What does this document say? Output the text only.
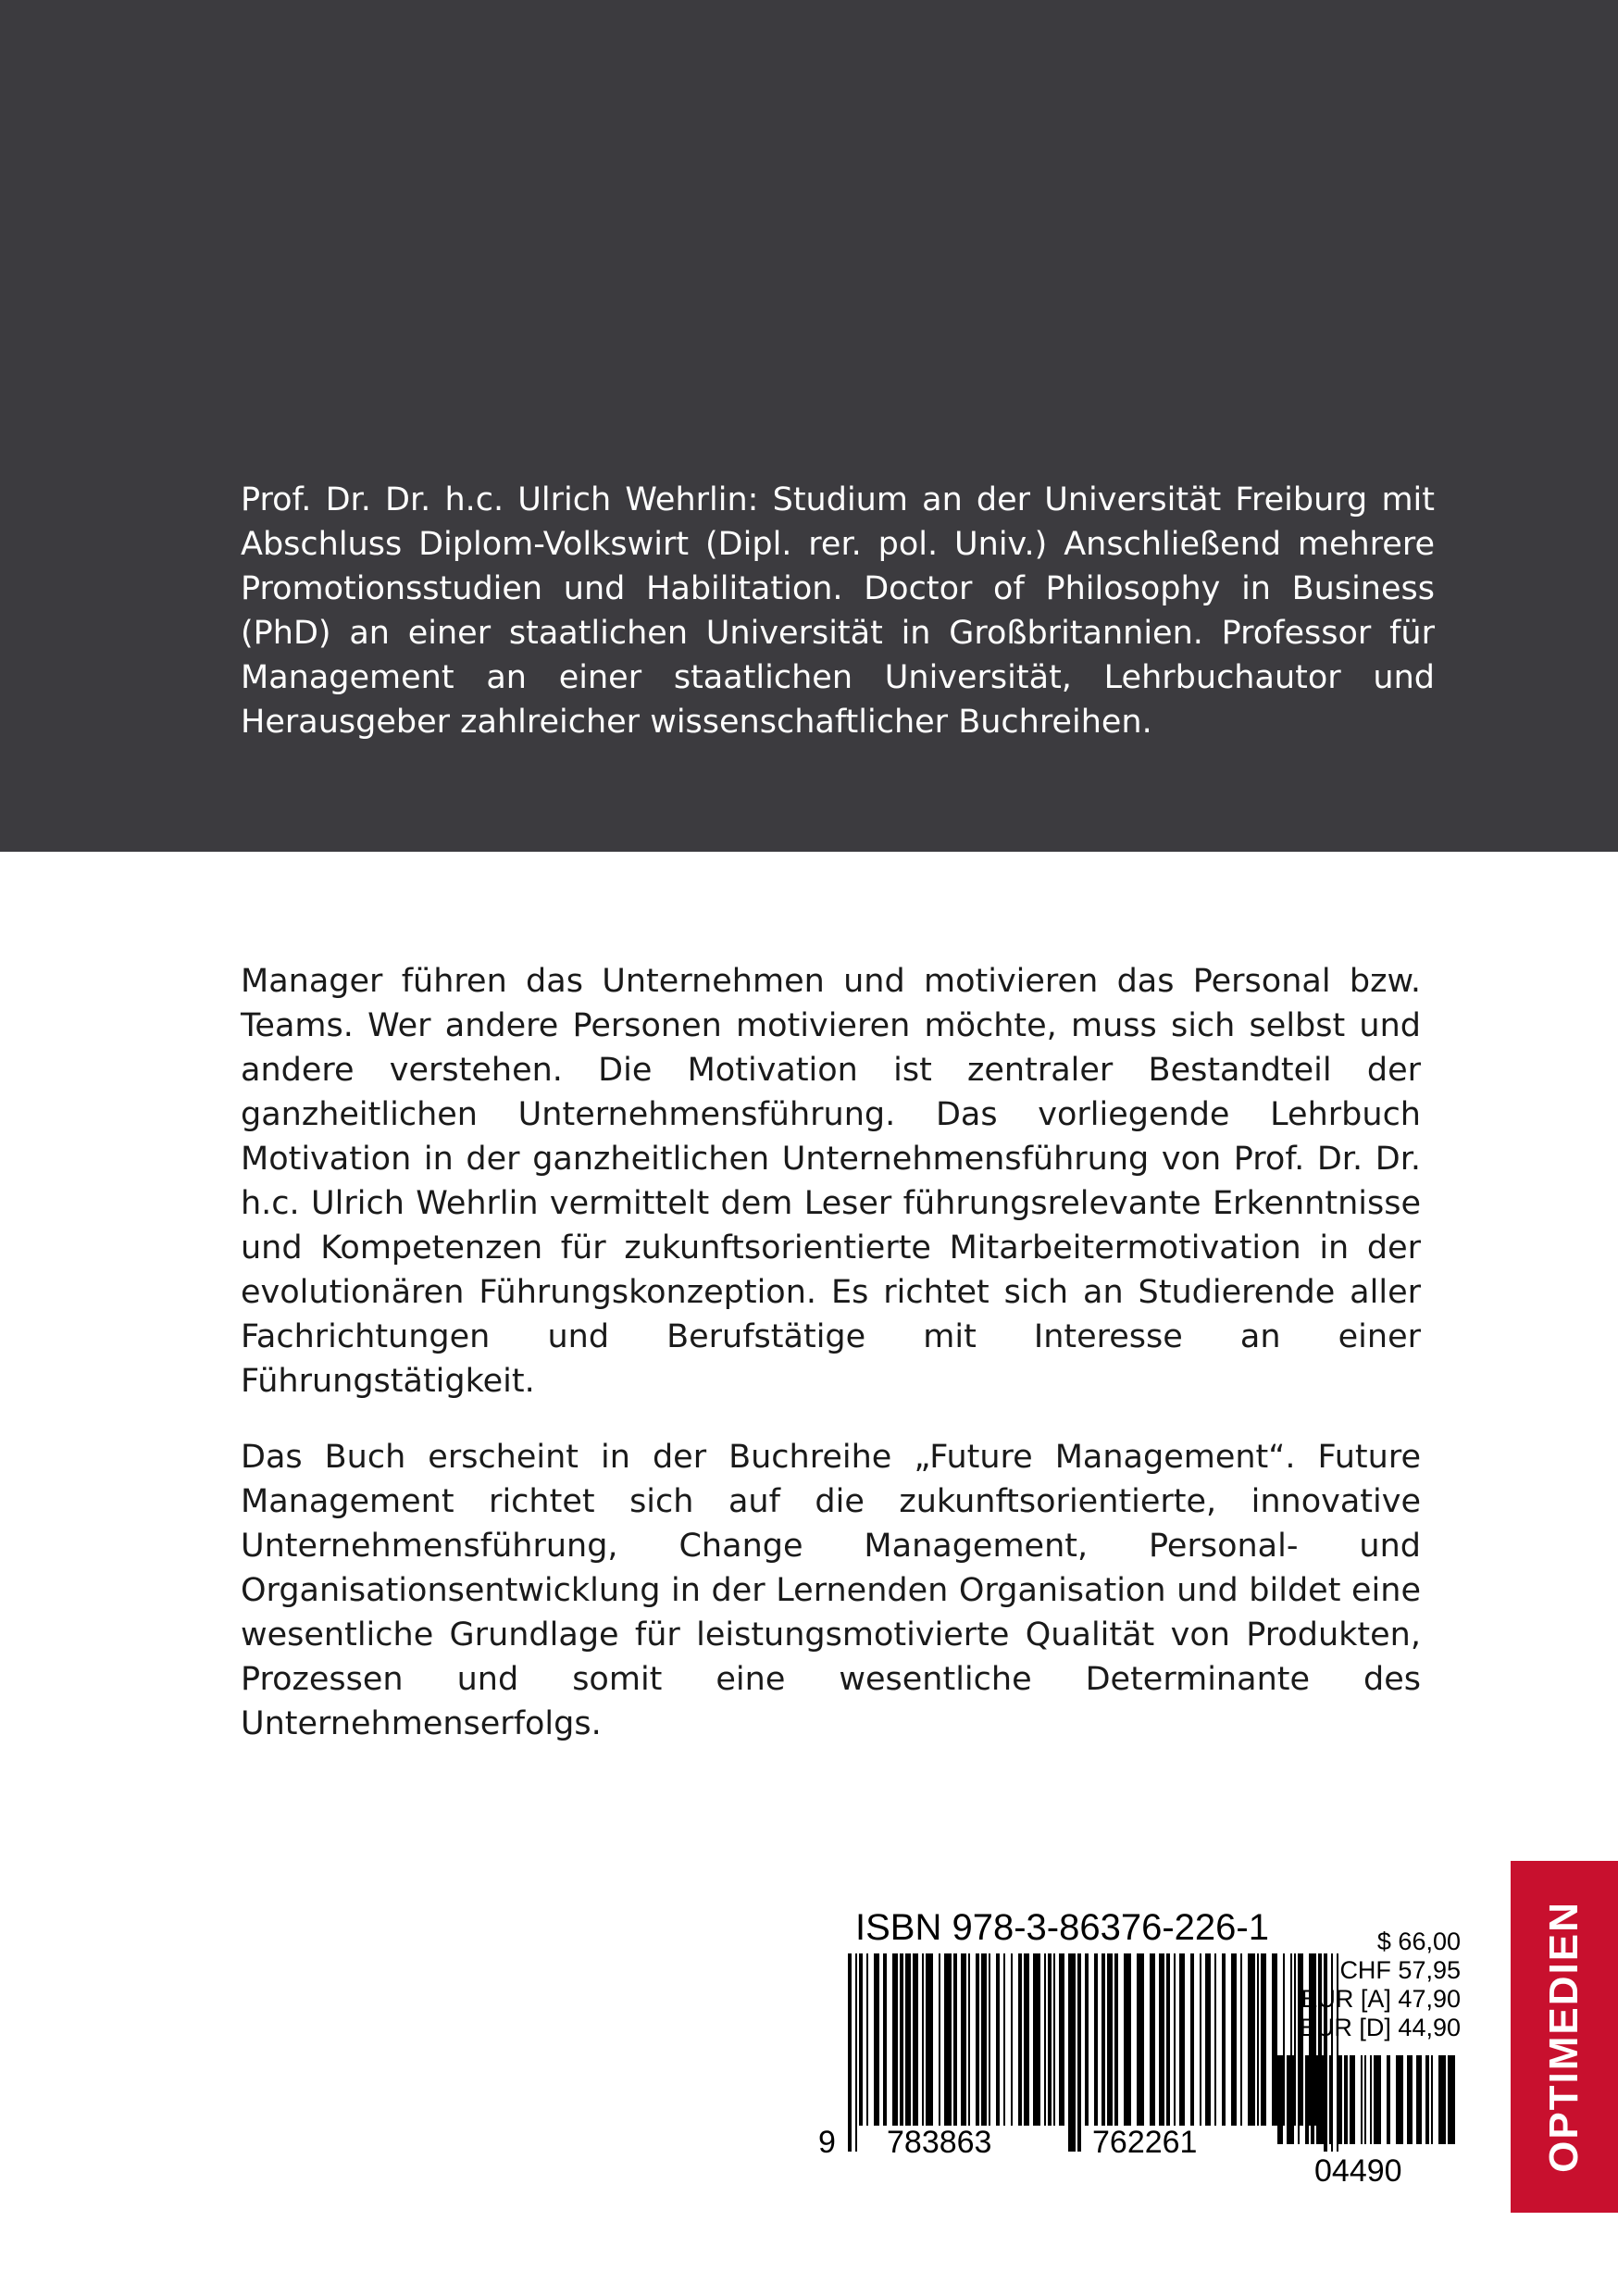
Prof. Dr. Dr. h.c. Ulrich Wehrlin: Studium an der Universität Freiburg mit Abschluss Diplom-Volkswirt (Dipl. rer. pol. Univ.) Anschließend mehrere Promotionsstudien und Habilitation. Doctor of Philosophy in Business (PhD) an einer staatlichen Universität in Großbritannien. Professor für Management an einer staatlichen Universität, Lehrbuchautor und Herausgeber zahlreicher wissenschaftlicher Buchreihen.

Manager führen das Unternehmen und motivieren das Personal bzw. Teams. Wer andere Personen motivieren möchte, muss sich selbst und andere verstehen. Die Motivation ist zentraler Bestandteil der ganzheitlichen Unternehmensführung. Das vorliegende Lehrbuch Motivation in der ganzheitlichen Unternehmensführung von Prof. Dr. Dr. h.c. Ulrich Wehrlin vermittelt dem Leser führungsrelevante Erkenntnisse und Kompetenzen für zukunftsorientierte Mitarbeitermotivation in der evolutionären Führungskonzeption. Es richtet sich an Studierende aller Fachrichtungen und Berufstätige mit Interesse an einer Führungstätigkeit.

Das Buch erscheint in der Buchreihe „Future Management“. Future Management richtet sich auf die zukunftsorientierte, innovative Unternehmensführung, Change Management, Personal- und Organisationsentwicklung in der Lernenden Organisation und bildet eine wesentliche Grundlage für leistungsmotivierte Qualität von Produkten, Prozessen und somit eine wesentliche Determinante des Unternehmenserfolgs.

ISBN 978-3-86376-226-1
9 783863	762261
$ 66,00
CHF 57,95
EUR [A] 47,90
EUR [D] 44,90
04490	OPTIMEDIEN
